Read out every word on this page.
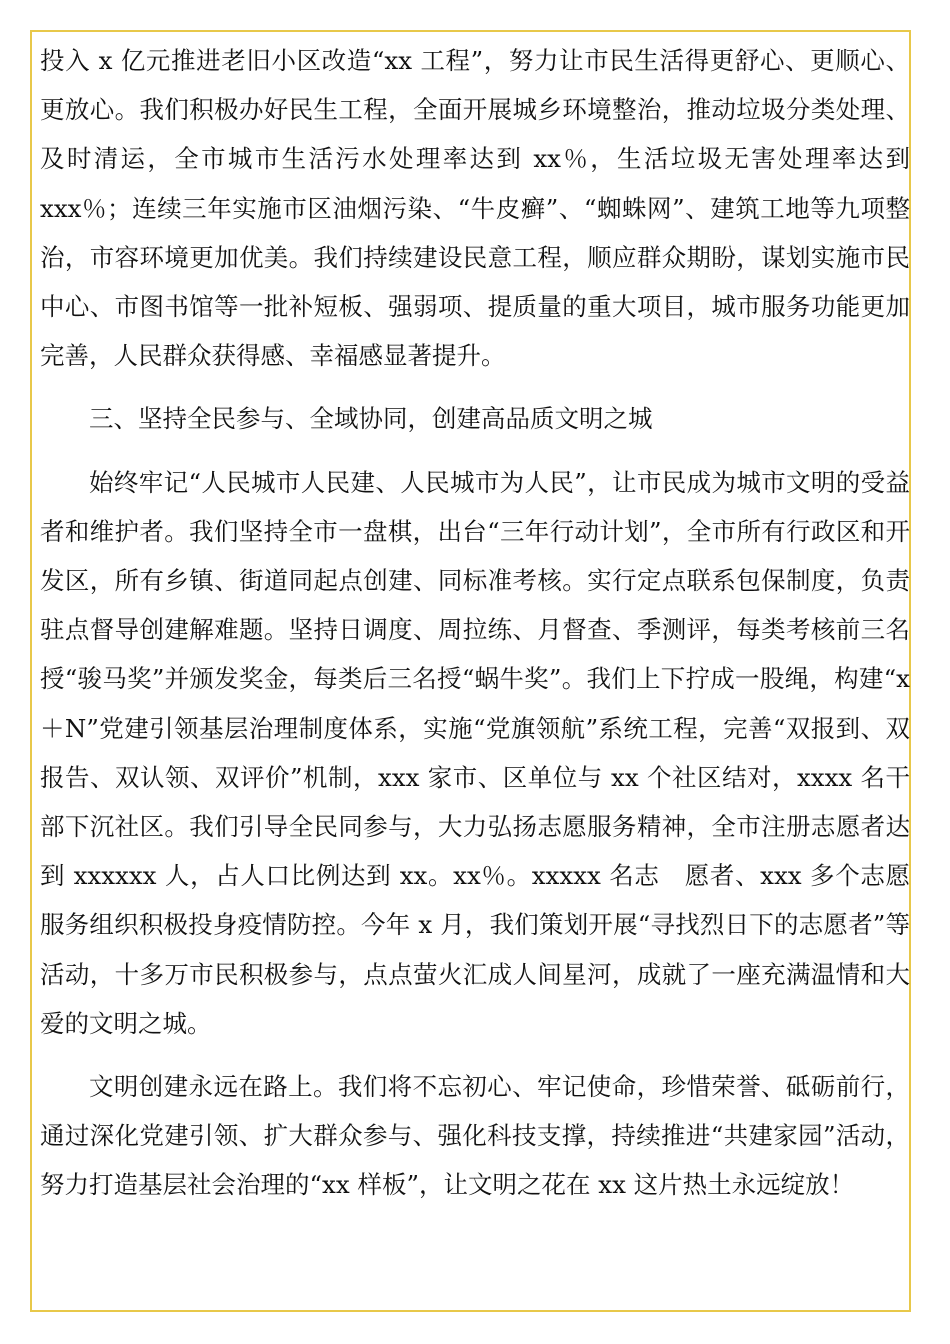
投入 x 亿元推进老旧小区改造“xx 工程”，努力让市民生活得更舒心、更顺心、更放心。我们积极办好民生工程，全面开展城乡环境整治，推动垃圾分类处理、及时清运，全市城市生活污水处理率达到 xx％，生活垃圾无害处理率达到 xxx％；连续三年实施市区油烟污染、“牛皮癣”、“蜘蛛网”、建筑工地等九项整治，市容环境更加优美。我们持续建设民意工程，顺应群众期盼，谋划实施市民中心、市图书馆等一批补短板、强弱项、提质量的重大项目，城市服务功能更加完善，人民群众获得感、幸福感显著提升。

三、坚持全民参与、全域协同，创建高品质文明之城

始终牢记“人民城市人民建、人民城市为人民”，让市民成为城市文明的受益者和维护者。我们坚持全市一盘棋，出台“三年行动计划”，全市所有行政区和开发区，所有乡镇、街道同起点创建、同标准考核。实行定点联系包保制度，负责驻点督导创建解难题。坚持日调度、周拉练、月督查、季测评，每类考核前三名授“骏马奖”并颁发奖金，每类后三名授“蜗牛奖”。我们上下拧成一股绳，构建“x＋N”党建引领基层治理制度体系，实施“党旗领航”系统工程，完善“双报到、双报告、双认领、双评价”机制，xxx 家市、区单位与 xx 个社区结对，xxxx 名干部下沉社区。我们引导全民同参与，大力弘扬志愿服务精神，全市注册志愿者达到 xxxxxx 人，占人口比例达到 xx。xx％。xxxxx 名志　愿者、xxx 多个志愿服务组织积极投身疫情防控。今年 x 月，我们策划开展“寻找烈日下的志愿者”等活动，十多万市民积极参与，点点萤火汇成人间星河，成就了一座充满温情和大爱的文明之城。

文明创建永远在路上。我们将不忘初心、牢记使命，珍惜荣誉、砥砺前行，通过深化党建引领、扩大群众参与、强化科技支撑，持续推进“共建家园”活动，努力打造基层社会治理的“xx 样板”，让文明之花在 xx 这片热土永远绽放！
